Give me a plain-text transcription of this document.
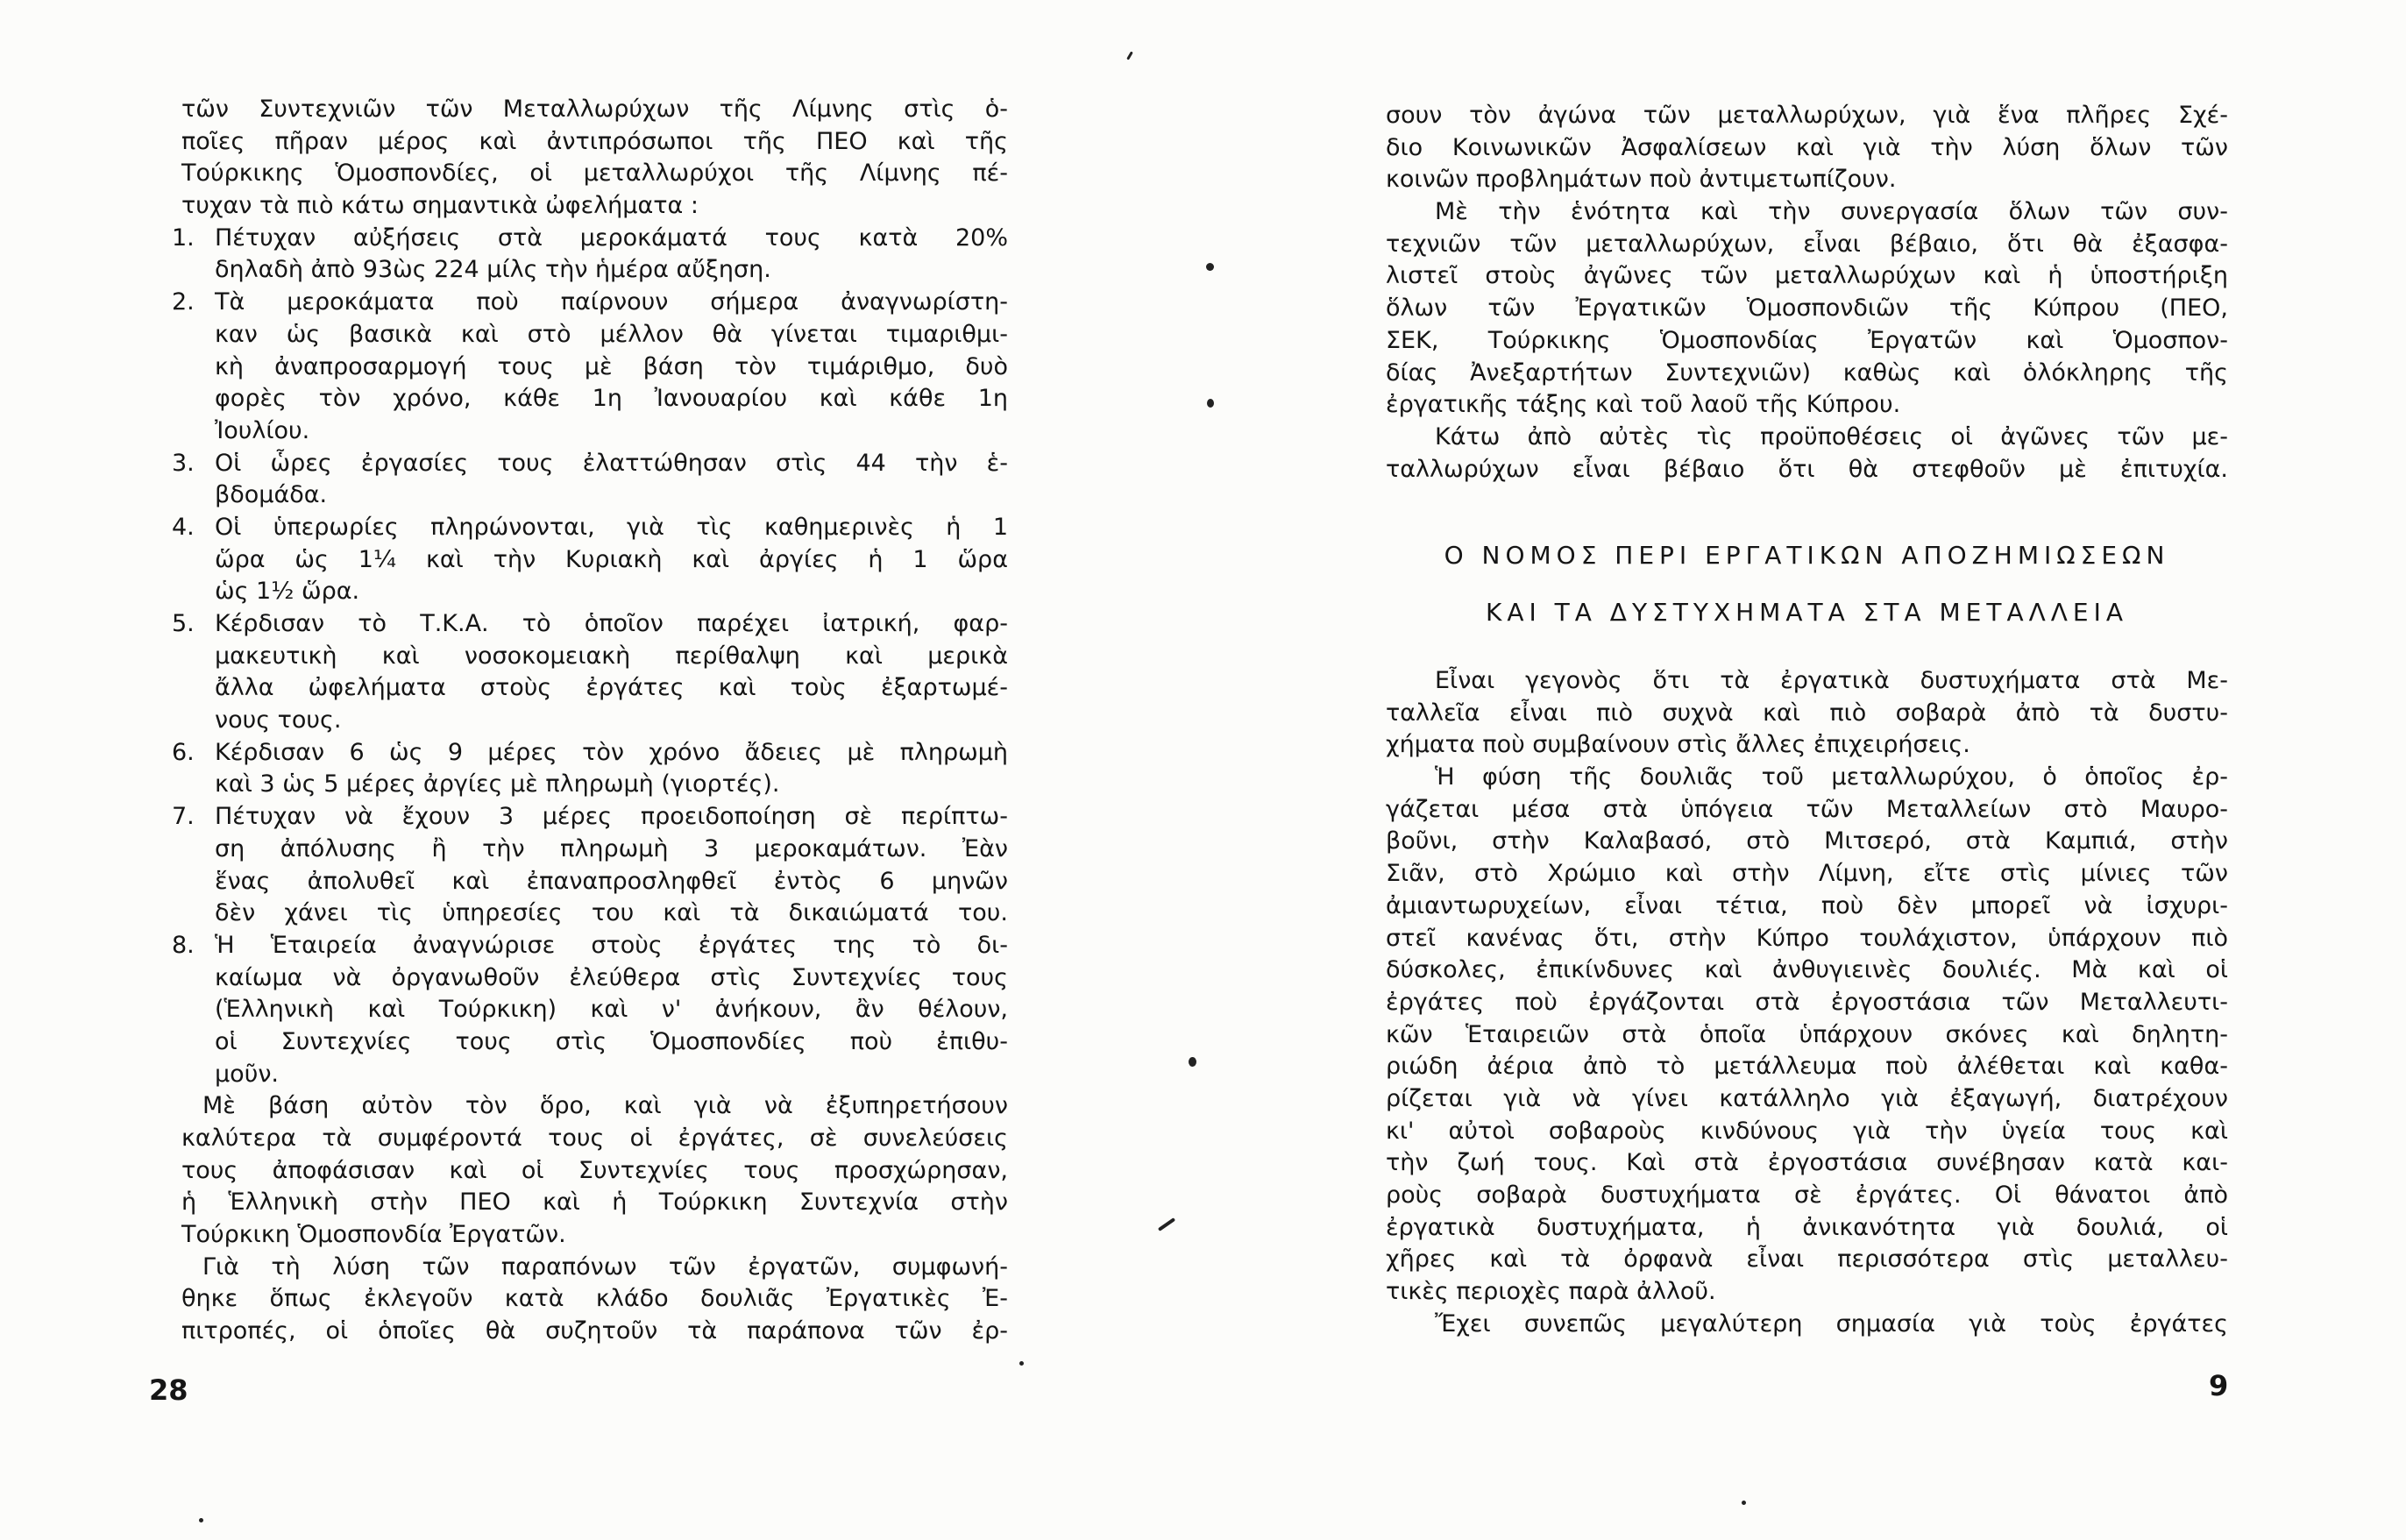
τῶν Συντεχνιῶν τῶν Μεταλλωρύχων τῆς Λίμνης στὶς ὁ-
ποῖες πῆραν μέρος καὶ ἀντιπρόσωποι τῆς ΠΕΟ καὶ τῆς
Τούρκικης Ὁμοσπονδίες, οἱ μεταλλωρύχοι τῆς Λίμνης πέ-
τυχαν τὰ πιὸ κάτω σημαντικὰ ὠφελήματα :
1. Πέτυχαν αὐξήσεις στὰ μεροκάματά τους κατὰ 20%
δηλαδὴ ἀπὸ 93ὼς 224 μίλς τὴν ἡμέρα αὔξηση.
2. Τὰ μεροκάματα ποὺ παίρνουν σήμερα ἀναγνωρίστη-
καν ὡς βασικὰ καὶ στὸ μέλλον θὰ γίνεται τιμαριθμι-
κὴ ἀναπροσαρμογή τους μὲ βάση τὸν τιμάριθμο, δυὸ
φορὲς τὸν χρόνο, κάθε 1η Ἰανουαρίου καὶ κάθε 1η
Ἰουλίου.
3. Οἱ ὧρες ἐργασίες τους ἐλαττώθησαν στὶς 44 τὴν ἑ-
βδομάδα.
4. Οἱ ὑπερωρίες πληρώνονται, γιὰ τὶς καθημερινὲς ἡ 1
ὥρα ὡς 1¼ καὶ τὴν Κυριακὴ καὶ ἀργίες ἡ 1 ὥρα
ὡς 1½ ὥρα.
5. Κέρδισαν τὸ Τ.Κ.Α. τὸ ὁποῖον παρέχει ἰατρική, φαρ-
μακευτικὴ καὶ νοσοκομειακὴ περίθαλψη καὶ μερικὰ
ἄλλα ὠφελήματα στοὺς ἐργάτες καὶ τοὺς ἐξαρτωμέ-
νους τους.
6. Κέρδισαν 6 ὡς 9 μέρες τὸν χρόνο ἄδειες μὲ πληρωμὴ
καὶ 3 ὡς 5 μέρες ἀργίες μὲ πληρωμὴ (γιορτές).
7. Πέτυχαν νὰ ἔχουν 3 μέρες προειδοποίηση σὲ περίπτω-
ση ἀπόλυσης ἢ τὴν πληρωμὴ 3 μεροκαμάτων. Ἐὰν
ἕνας ἀπολυθεῖ καὶ ἐπαναπροσληφθεῖ ἐντὸς 6 μηνῶν
δὲν χάνει τὶς ὑπηρεσίες του καὶ τὰ δικαιώματά του.
8. Ἡ Ἑταιρεία ἀναγνώρισε στοὺς ἐργάτες της τὸ δι-
καίωμα νὰ ὀργανωθοῦν ἐλεύθερα στὶς Συντεχνίες τους
(Ἑλληνικὴ καὶ Τούρκικη) καὶ ν' ἀνήκουν, ἂν θέλουν,
οἱ Συντεχνίες τους στὶς Ὁμοσπονδίες ποὺ ἐπιθυ-
μοῦν.
Μὲ βάση αὐτὸν τὸν ὅρο, καὶ γιὰ νὰ ἐξυπηρετήσουν
καλύτερα τὰ συμφέροντά τους οἱ ἐργάτες, σὲ συνελεύσεις
τους ἀποφάσισαν καὶ οἱ Συντεχνίες τους προσχώρησαν,
ἡ Ἑλληνικὴ στὴν ΠΕΟ καὶ ἡ Τούρκικη Συντεχνία στὴν
Τούρκικη Ὁμοσπονδία Ἐργατῶν.
Γιὰ τὴ λύση τῶν παραπόνων τῶν ἐργατῶν, συμφωνή-
θηκε ὅπως ἐκλεγοῦν κατὰ κλάδο δουλιᾶς Ἐργατικὲς Ἐ-
πιτροπές, οἱ ὁποῖες θὰ συζητοῦν τὰ παράπονα τῶν ἐρ-
28
σουν τὸν ἀγώνα τῶν μεταλλωρύχων, γιὰ ἕνα πλῆρες Σχέ-
διο Κοινωνικῶν Ἀσφαλίσεων καὶ γιὰ τὴν λύση ὅλων τῶν
κοινῶν προβλημάτων ποὺ ἀντιμετωπίζουν.
Μὲ τὴν ἑνότητα καὶ τὴν συνεργασία ὅλων τῶν συν-
τεχνιῶν τῶν μεταλλωρύχων, εἶναι βέβαιο, ὅτι θὰ ἐξασφα-
λιστεῖ στοὺς ἀγῶνες τῶν μεταλλωρύχων καὶ ἡ ὑποστήριξη
ὅλων τῶν Ἐργατικῶν Ὁμοσπονδιῶν τῆς Κύπρου (ΠΕΟ,
ΣΕΚ, Τούρκικης Ὁμοσπονδίας Ἐργατῶν καὶ Ὁμοσπον-
δίας Ἀνεξαρτήτων Συντεχνιῶν) καθὼς καὶ ὁλόκληρης τῆς
ἐργατικῆς τάξης καὶ τοῦ λαοῦ τῆς Κύπρου.
Κάτω ἀπὸ αὐτὲς τὶς προϋποθέσεις οἱ ἀγῶνες τῶν με-
ταλλωρύχων εἶναι βέβαιο ὅτι θὰ στεφθοῦν μὲ ἐπιτυχία.
Ο ΝΟΜΟΣ ΠΕΡΙ ΕΡΓΑΤΙΚΩΝ ΑΠΟΖΗΜΙΩΣΕΩΝ
ΚΑΙ ΤΑ ΔΥΣΤΥΧΗΜΑΤΑ ΣΤΑ ΜΕΤΑΛΛΕΙΑ
Εἶναι γεγονὸς ὅτι τὰ ἐργατικὰ δυστυχήματα στὰ Με-
ταλλεῖα εἶναι πιὸ συχνὰ καὶ πιὸ σοβαρὰ ἀπὸ τὰ δυστυ-
χήματα ποὺ συμβαίνουν στὶς ἄλλες ἐπιχειρήσεις.
Ἡ φύση τῆς δουλιᾶς τοῦ μεταλλωρύχου, ὁ ὁποῖος ἐρ-
γάζεται μέσα στὰ ὑπόγεια τῶν Μεταλλείων στὸ Μαυρο-
βοῦνι, στὴν Καλαβασό, στὸ Μιτσερό, στὰ Καμπιά, στὴν
Σιᾶν, στὸ Χρώμιο καὶ στὴν Λίμνη, εἴτε στὶς μίνιες τῶν
ἀμιαντωρυχείων, εἶναι τέτια, ποὺ δὲν μπορεῖ νὰ ἰσχυρι-
στεῖ κανένας ὅτι, στὴν Κύπρο τουλάχιστον, ὑπάρχουν πιὸ
δύσκολες, ἐπικίνδυνες καὶ ἀνθυγιεινὲς δουλιές. Μὰ καὶ οἱ
ἐργάτες ποὺ ἐργάζονται στὰ ἐργοστάσια τῶν Μεταλλευτι-
κῶν Ἑταιρειῶν στὰ ὁποῖα ὑπάρχουν σκόνες καὶ δηλητη-
ριώδη ἀέρια ἀπὸ τὸ μετάλλευμα ποὺ ἀλέθεται καὶ καθα-
ρίζεται γιὰ νὰ γίνει κατάλληλο γιὰ ἐξαγωγή, διατρέχουν
κι' αὐτοὶ σοβαροὺς κινδύνους γιὰ τὴν ὑγεία τους καὶ
τὴν ζωή τους. Καὶ στὰ ἐργοστάσια συνέβησαν κατὰ και-
ροὺς σοβαρὰ δυστυχήματα σὲ ἐργάτες. Οἱ θάνατοι ἀπὸ
ἐργατικὰ δυστυχήματα, ἡ ἀνικανότητα γιὰ δουλιά, οἱ
χῆρες καὶ τὰ ὀρφανὰ εἶναι περισσότερα στὶς μεταλλευ-
τικὲς περιοχὲς παρὰ ἀλλοῦ.
Ἔχει συνεπῶς μεγαλύτερη σημασία γιὰ τοὺς ἐργάτες
9
